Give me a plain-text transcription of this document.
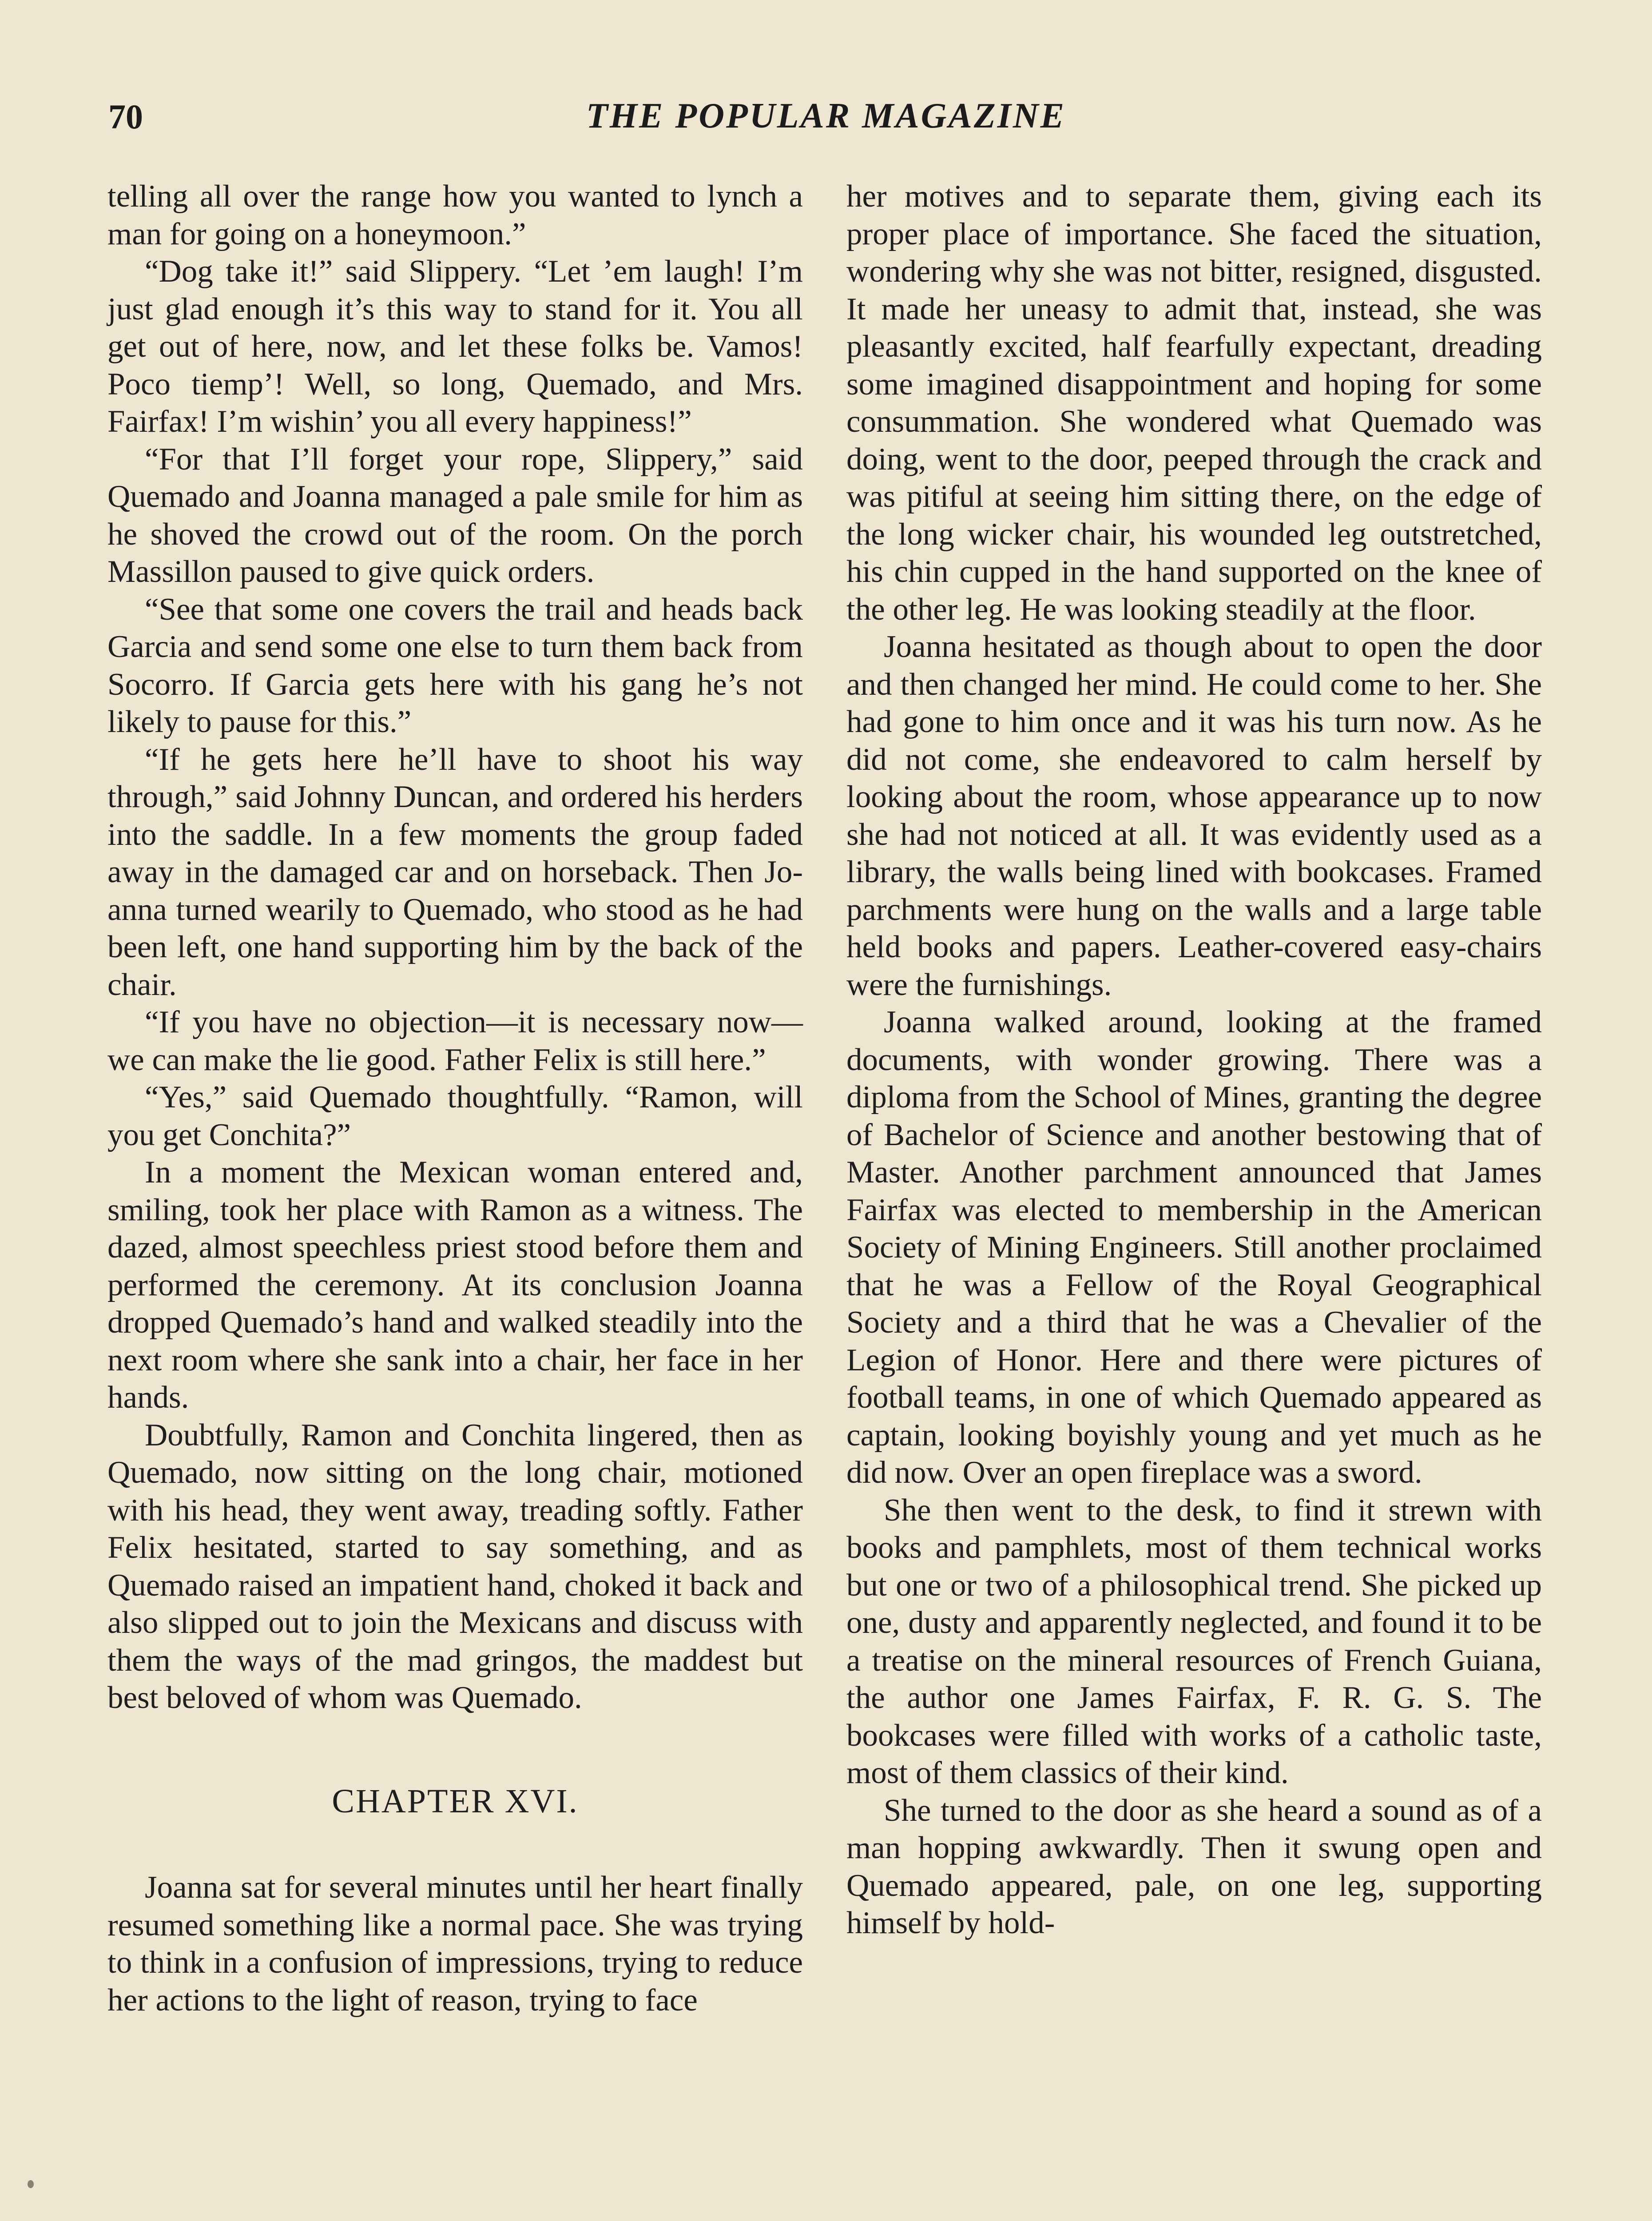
70	THE POPULAR MAGAZINE

telling all over the range how you wanted to lynch a man for going on a honeymoon.”

“Dog take it!” said Slippery. “Let ’em laugh! I’m just glad enough it’s this way to stand for it. You all get out of here, now, and let these folks be. Vamos! Poco tiemp’! Well, so long, Quemado, and Mrs. Fairfax! I’m wishin’ you all every happiness!”

“For that I’ll forget your rope, Slippery,” said Quemado and Joanna managed a pale smile for him as he shoved the crowd out of the room. On the porch Massillon paused to give quick orders.

“See that some one covers the trail and heads back Garcia and send some one else to turn them back from Socorro. If Garcia gets here with his gang he’s not likely to pause for this.”

“If he gets here he’ll have to shoot his way through,” said Johnny Duncan, and ordered his herders into the saddle. In a few moments the group faded away in the damaged car and on horseback. Then Joanna turned wearily to Quemado, who stood as he had been left, one hand supporting him by the back of the chair.

“If you have no objection—it is necessary now—we can make the lie good. Father Felix is still here.”

“Yes,” said Quemado thoughtfully. “Ramon, will you get Conchita?”

In a moment the Mexican woman entered and, smiling, took her place with Ramon as a witness. The dazed, almost speechless priest stood before them and performed the ceremony. At its conclusion Joanna dropped Quemado’s hand and walked steadily into the next room where she sank into a chair, her face in her hands.

Doubtfully, Ramon and Conchita lingered, then as Quemado, now sitting on the long chair, motioned with his head, they went away, treading softly. Father Felix hesitated, started to say something, and as Quemado raised an impatient hand, choked it back and also slipped out to join the Mexicans and discuss with them the ways of the mad gringos, the maddest but best beloved of whom was Quemado.

CHAPTER XVI.

Joanna sat for several minutes until her heart finally resumed something like a normal pace. She was trying to think in a confusion of impressions, trying to reduce her actions to the light of reason, trying to face

her motives and to separate them, giving each its proper place of importance. She faced the situation, wondering why she was not bitter, resigned, disgusted. It made her uneasy to admit that, instead, she was pleasantly excited, half fearfully expectant, dreading some imagined disappointment and hoping for some consummation. She wondered what Quemado was doing, went to the door, peeped through the crack and was pitiful at seeing him sitting there, on the edge of the long wicker chair, his wounded leg outstretched, his chin cupped in the hand supported on the knee of the other leg. He was looking steadily at the floor.

Joanna hesitated as though about to open the door and then changed her mind. He could come to her. She had gone to him once and it was his turn now. As he did not come, she endeavored to calm herself by looking about the room, whose appearance up to now she had not noticed at all. It was evidently used as a library, the walls being lined with bookcases. Framed parchments were hung on the walls and a large table held books and papers. Leather-covered easy-chairs were the furnishings.

Joanna walked around, looking at the framed documents, with wonder growing. There was a diploma from the School of Mines, granting the degree of Bachelor of Science and another bestowing that of Master. Another parchment announced that James Fairfax was elected to membership in the American Society of Mining Engineers. Still another proclaimed that he was a Fellow of the Royal Geographical Society and a third that he was a Chevalier of the Legion of Honor. Here and there were pictures of football teams, in one of which Quemado appeared as captain, looking boyishly young and yet much as he did now. Over an open fireplace was a sword.

She then went to the desk, to find it strewn with books and pamphlets, most of them technical works but one or two of a philosophical trend. She picked up one, dusty and apparently neglected, and found it to be a treatise on the mineral resources of French Guiana, the author one James Fairfax, F. R. G. S. The bookcases were filled with works of a catholic taste, most of them classics of their kind.

She turned to the door as she heard a sound as of a man hopping awkwardly. Then it swung open and Quemado appeared, pale, on one leg, supporting himself by hold-
